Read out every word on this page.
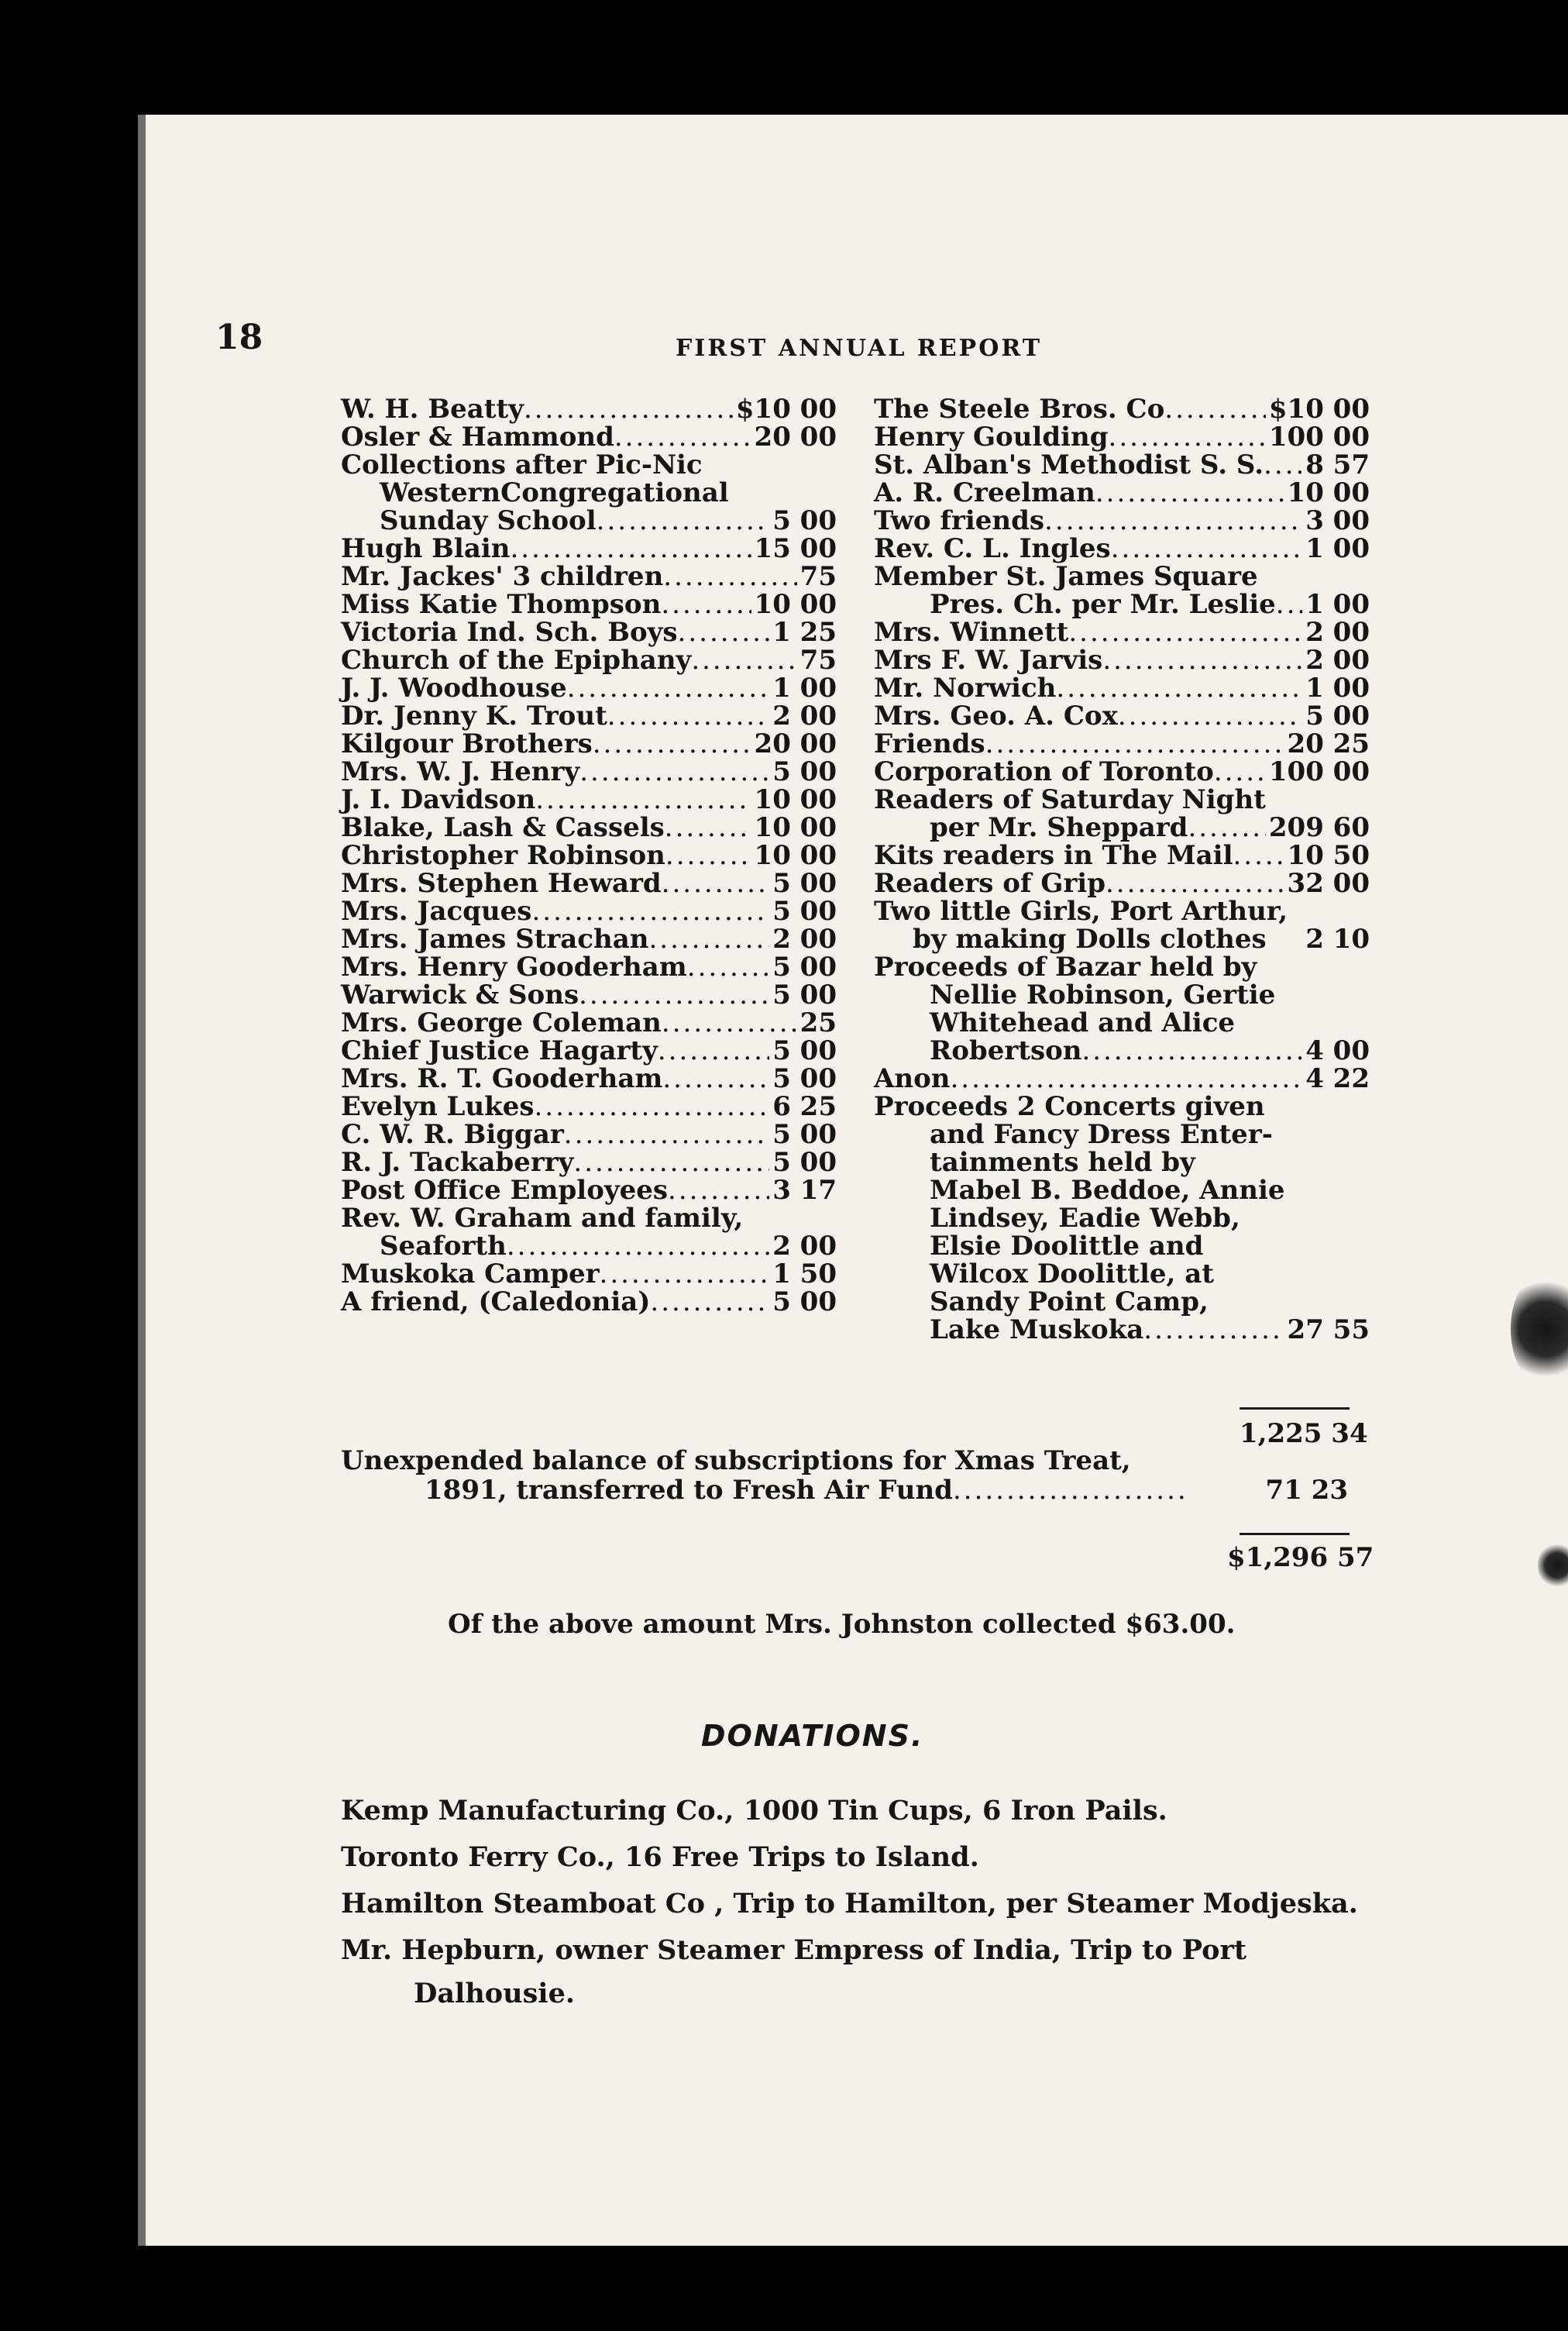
18	FIRST ANNUAL REPORT
W. H. Beatty .....	$10 00
Osler & Hammond .....	20 00
Collections after Pic-Nic
WesternCongregational
Sunday School .....	5 00
Hugh Blain .....	15 00
Mr. Jackes' 3 children .....	75
Miss Katie Thompson .....	10 00
Victoria Ind. Sch. Boys .....	1 25
Church of the Epiphany .....	75
J. J. Woodhouse .....	1 00
Dr. Jenny K. Trout .....	2 00
Kilgour Brothers .....	20 00
Mrs. W. J. Henry .....	5 00
J. I. Davidson .....	10 00
Blake, Lash & Cassels .....	10 00
Christopher Robinson .....	10 00
Mrs. Stephen Heward .....	5 00
Mrs. Jacques .....	5 00
Mrs. James Strachan .....	2 00
Mrs. Henry Gooderham .....	5 00
Warwick & Sons .....	5 00
Mrs. George Coleman .....	25
Chief Justice Hagarty .....	5 00
Mrs. R. T. Gooderham .....	5 00
Evelyn Lukes .....	6 25
C. W. R. Biggar .....	5 00
R. J. Tackaberry .....	5 00
Post Office Employees .....	3 17
Rev. W. Graham and family,
Seaforth .....	2 00
Muskoka Camper .....	1 50
A friend, (Caledonia) .....	5 00
The Steele Bros. Co .....	$10 00
Henry Goulding .....	100 00
St. Alban's Methodist S. S. ..... 8 57
A. R. Creelman .....	10 00
Two friends .....	3 00
Rev. C. L. Ingles .....	1 00
Member St. James Square
Pres. Ch. per Mr. Leslie ..... 1 00
Mrs. Winnett .....	2 00
Mrs F. W. Jarvis .....	2 00
Mr. Norwich .....	1 00
Mrs. Geo. A. Cox .....	5 00
Friends .....	20 25
Corporation of Toronto ..... 100 00
Readers of Saturday Night
per Mr. Sheppard .....	209 60
Kits readers in The Mail ..... 10 50
Readers of Grip .....	32 00
Two little Girls, Port Arthur,
by making Dolls clothes 2 10
Proceeds of Bazar held by
Nellie Robinson, Gertie
Whitehead and Alice
Robertson .....	4 00
Anon .....	4 22
Proceeds 2 Concerts given
and Fancy Dress Enter-
tainments held by
Mabel B. Beddoe, Annie
Lindsey, Eadie Webb,
Elsie Doolittle and
Wilcox Doolittle, at
Sandy Point Camp,
Lake Muskoka .....	27 55
1,225 34
Unexpended balance of subscriptions for Xmas Treat,
1891, transferred to Fresh Air Fund .....	71 23
$1,296 57
Of the above amount Mrs. Johnston collected $63.00.
DONATIONS.
Kemp Manufacturing Co., 1000 Tin Cups, 6 Iron Pails.
Toronto Ferry Co., 16 Free Trips to Island.
Hamilton Steamboat Co , Trip to Hamilton, per Steamer Modjeska.
Mr. Hepburn, owner Steamer Empress of India, Trip to Port
Dalhousie.
